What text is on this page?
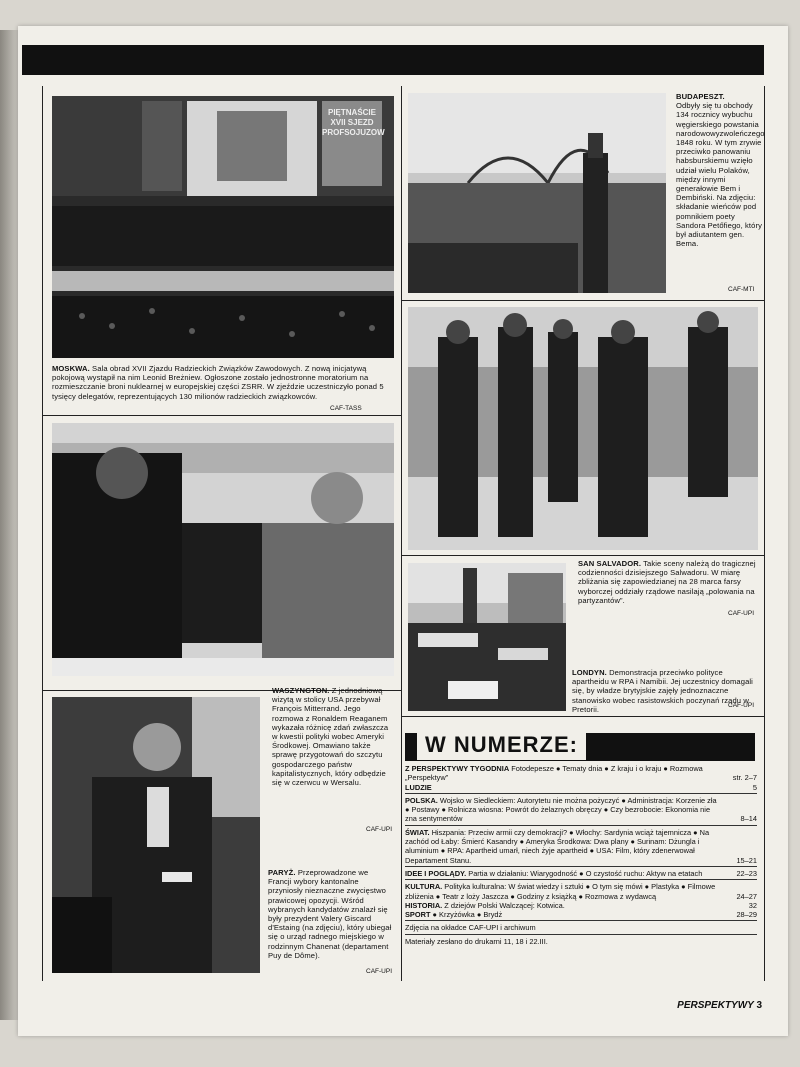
PIĘTNAŚCIE XVII SJEZD PROFSOJUZOW
MOSKWA. Sala obrad XVII Zjazdu Radzieckich Związków Zawodowych. Z nową inicjatywą pokojową wystąpił na nim Leonid Breżniew. Ogłoszone zostało jednostronne moratorium na rozmieszczanie broni nuklearnej w europejskiej części ZSRR. W zjeździe uczestniczyło ponad 5 tysięcy delegatów, reprezentujących 130 milionów radzieckich związkowców.
CAF-TASS
BUDAPESZT.
Odbyły się tu obchody 134 rocznicy wybuchu węgierskiego powstania narodowowyzwoleńczego 1848 roku. W tym zrywie przeciwko panowaniu habsburskiemu wzięło udział wielu Polaków, między innymi generałowie Bem i Dembiński. Na zdjęciu: składanie wieńców pod pomnikiem poety Sandora Petőfiego, który był adiutantem gen. Bema.
CAF-MTI
SAN SALVADOR. Takie sceny należą do tragicznej codzienności dzisiejszego Salwadoru. W miarę zbliżania się zapowiedzianej na 28 marca farsy wyborczej oddziały rządowe nasilają „polowania na partyzantów”.
CAF-UPI
LONDYN. Demonstracja przeciwko polityce apartheidu w RPA i Namibii. Jej uczestnicy domagali się, by władze brytyjskie zajęły jednoznaczne stanowisko wobec rasistowskich poczynań rządu w Pretorii.	CAF-UPI
WASZYNGTON. Z jednodniową wizytą w stolicy USA przebywał François Mitterrand. Jego rozmowa z Ronaldem Reaganem wykazała różnicę zdań zwłaszcza w kwestii polityki wobec Ameryki Środkowej. Omawiano także sprawę przygotowań do szczytu gospodarczego państw kapitalistycznych, który odbędzie się w czerwcu w Wersalu.
CAF-UPI
PARYŻ. Przeprowadzone we Francji wybory kantonalne przyniosły nieznaczne zwycięstwo prawicowej opozycji. Wśród wybranych kandydatów znalazł się były prezydent Valery Giscard d'Estaing (na zdjęciu), który ubiegał się o urząd radnego miejskiego w rodzinnym Chanenat (departament Puy de Dôme).
CAF-UPI
W NUMERZE:
Z PERSPEKTYWY TYGODNIA Fotodepesze ● Tematy dnia ● Z kraju i o kraju ● Rozmowa „Perspektyw”	str. 2–7
LUDZIE	5
POLSKA. Wojsko w Siedleckiem: Autorytetu nie można pożyczyć ● Administracja: Korzenie zła ● Postawy ● Rolnicza wiosna: Powrót do żelaznych obręczy ● Czy bezrobocie: Ekonomia nie zna sentymentów	8–14
ŚWIAT. Hiszpania: Przeciw armii czy demokracji? ● Włochy: Sardynia wciąż tajemnicza ● Na zachód od Łaby: Śmierć Kasandry ● Ameryka Środkowa: Dwa plany ● Surinam: Dżungla i aluminium ● RPA: Apartheid umarł, niech żyje apartheid ● USA: Film, który zdenerwował Departament Stanu.	15–21
IDEE I POGLĄDY. Partia w działaniu: Wiarygodność ● O czystość ruchu: Aktyw na etatach	22–23
KULTURA. Polityka kulturalna: W świat wiedzy i sztuki ● O tym się mówi ● Plastyka ● Filmowe zbliżenia ● Teatr z loży Jaszcza ● Godziny z książką ● Rozmowa z wydawcą	24–27
HISTORIA. Z dziejów Polski Walczącej: Kotwica.	32
SPORT ● Krzyżówka ● Brydż	28–29
Zdjęcia na okładce CAF-UPI i archiwum
Materiały zesłano do drukarni 11, 18 i 22.III.
PERSPEKTYWY 3
